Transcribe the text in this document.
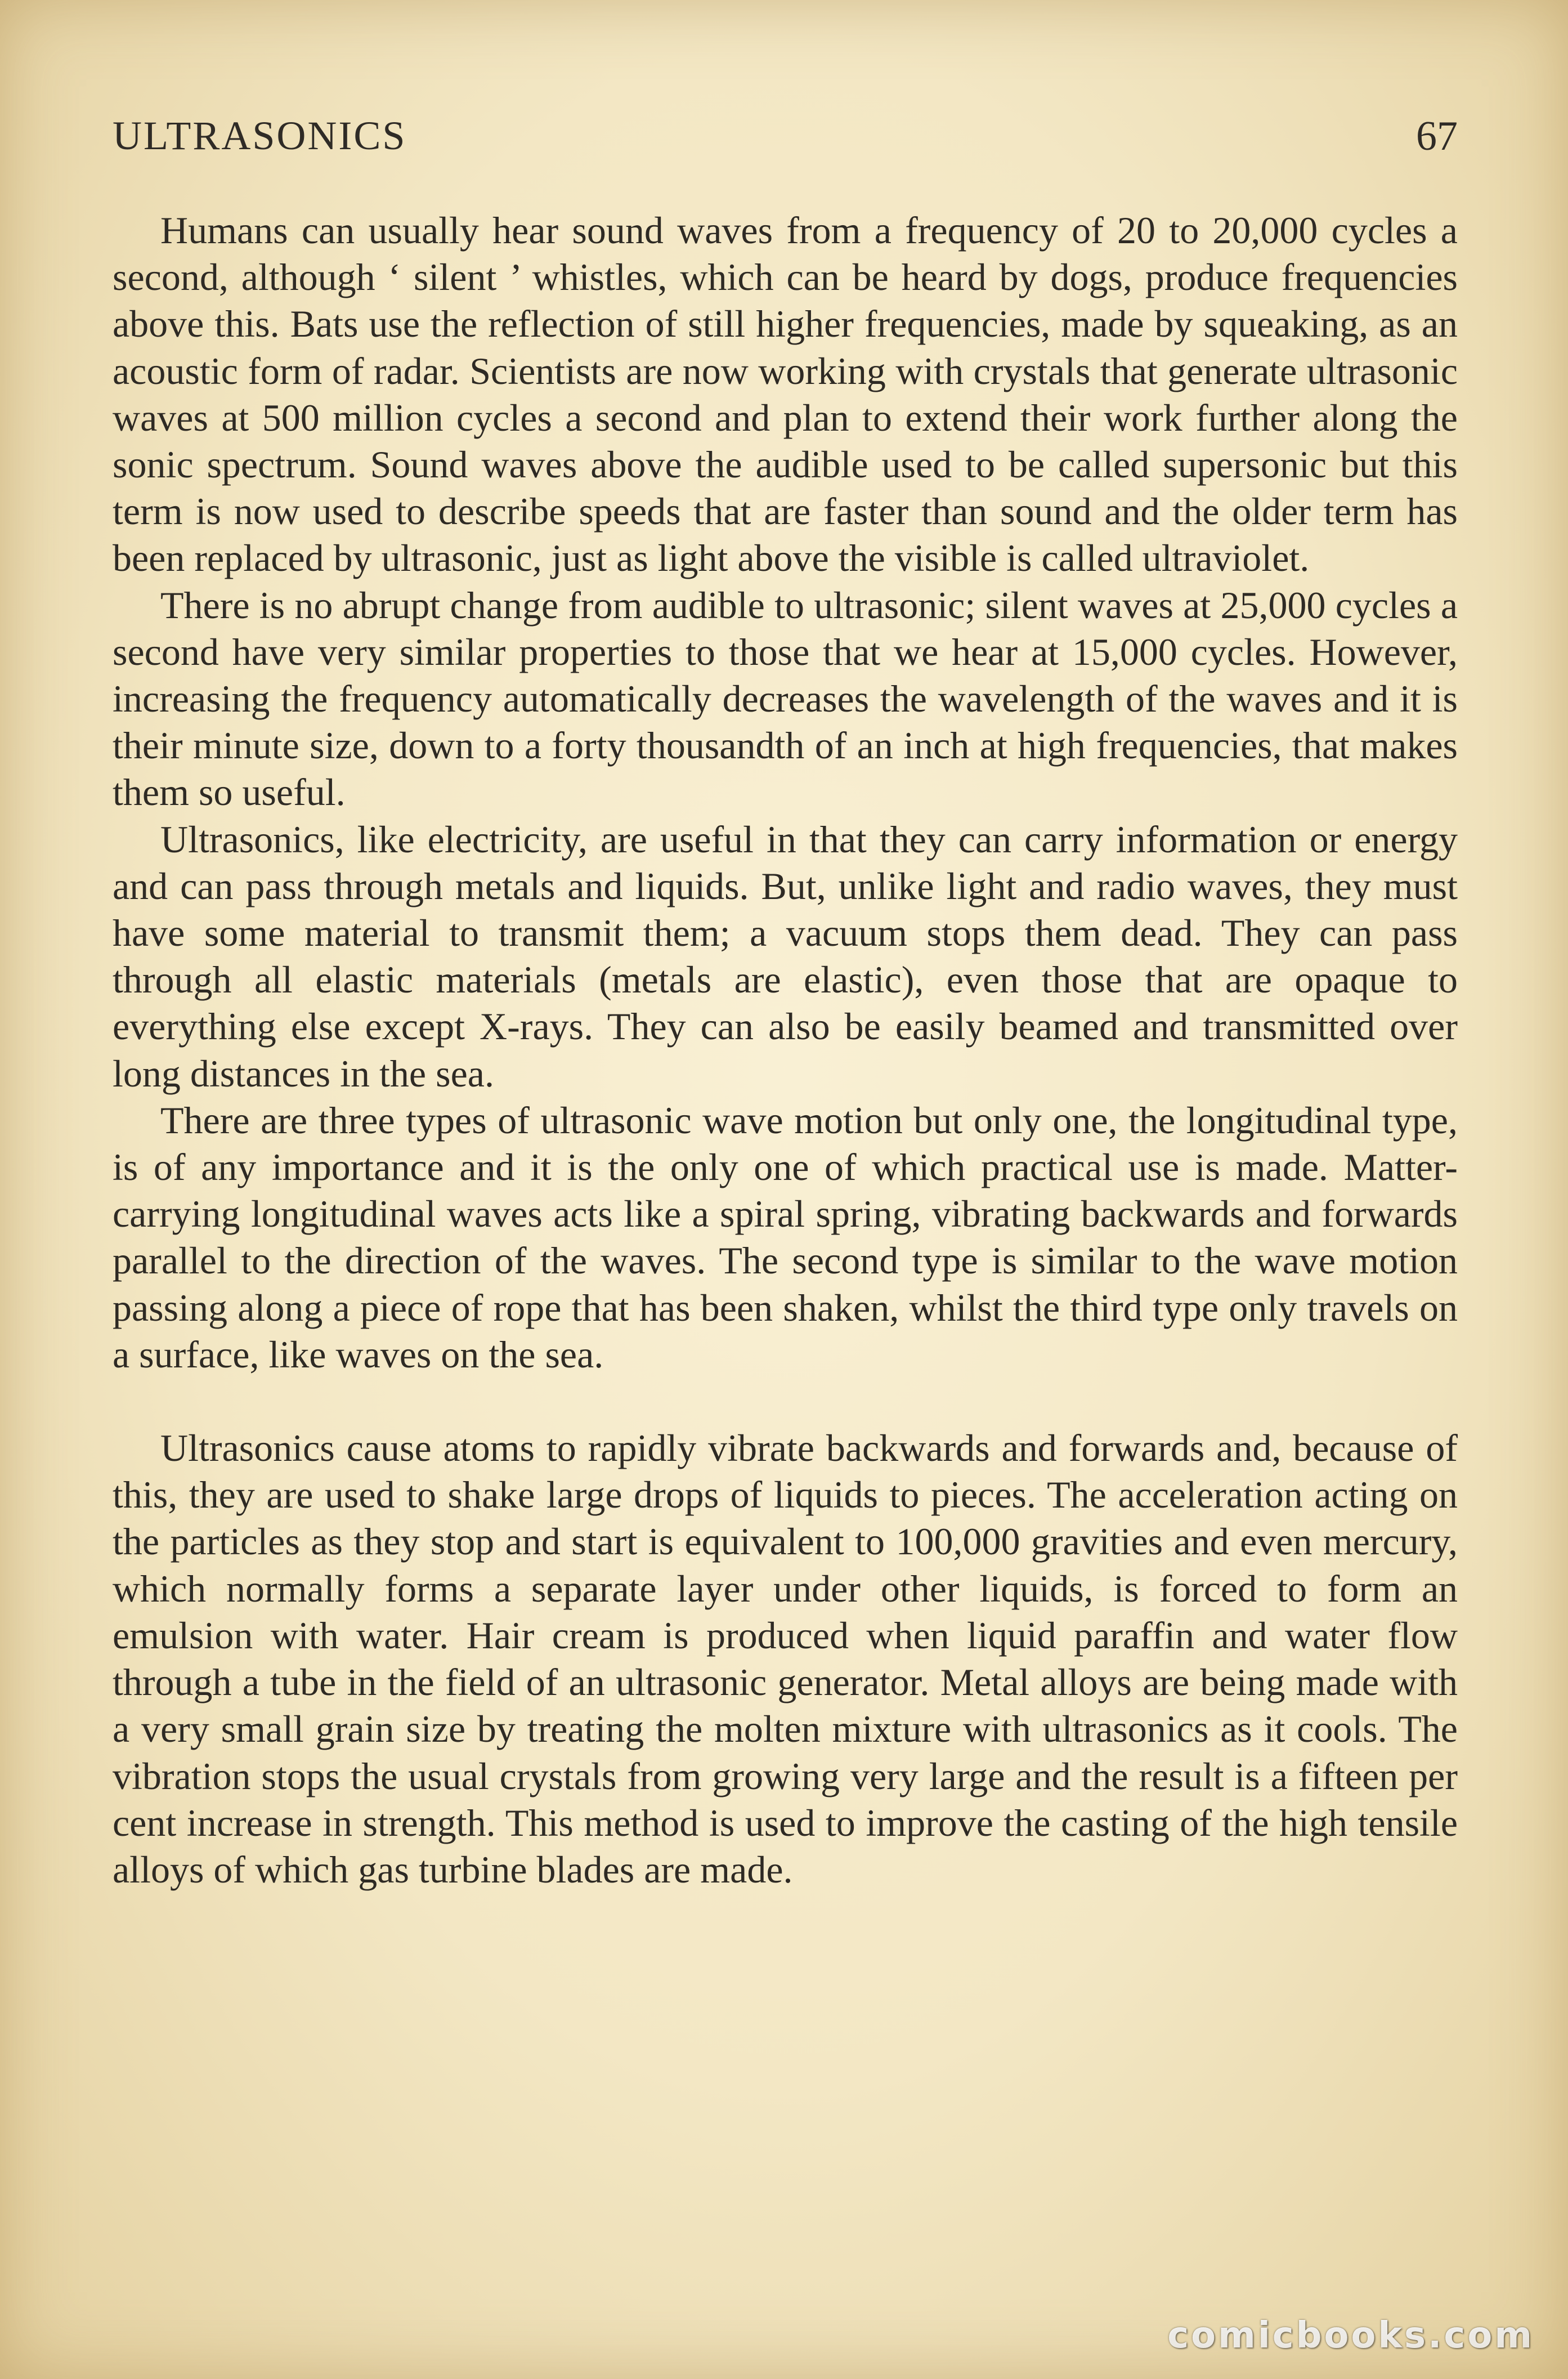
ULTRASONICS	67

Humans can usually hear sound waves from a frequency of 20 to 20,000 cycles a second, although ‘ silent ’ whistles, which can be heard by dogs, produce frequencies above this. Bats use the reflection of still higher frequencies, made by squeaking, as an acoustic form of radar. Scientists are now working with crystals that generate ultrasonic waves at 500 million cycles a second and plan to extend their work further along the sonic spectrum. Sound waves above the audible used to be called supersonic but this term is now used to describe speeds that are faster than sound and the older term has been replaced by ultrasonic, just as light above the visible is called ultraviolet.

There is no abrupt change from audible to ultrasonic; silent waves at 25,000 cycles a second have very similar properties to those that we hear at 15,000 cycles. However, increasing the frequency automatically decreases the wavelength of the waves and it is their minute size, down to a forty thousandth of an inch at high frequencies, that makes them so useful.

Ultrasonics, like electricity, are useful in that they can carry information or energy and can pass through metals and liquids. But, unlike light and radio waves, they must have some material to transmit them; a vacuum stops them dead. They can pass through all elastic materials (metals are elastic), even those that are opaque to everything else except X-rays. They can also be easily beamed and transmitted over long distances in the sea.

There are three types of ultrasonic wave motion but only one, the longitudinal type, is of any importance and it is the only one of which practical use is made. Matter-carrying longitudinal waves acts like a spiral spring, vibrating backwards and forwards parallel to the direction of the waves. The second type is similar to the wave motion passing along a piece of rope that has been shaken, whilst the third type only travels on a surface, like waves on the sea.

Ultrasonics cause atoms to rapidly vibrate backwards and forwards and, because of this, they are used to shake large drops of liquids to pieces. The acceleration acting on the particles as they stop and start is equivalent to 100,000 gravities and even mercury, which normally forms a separate layer under other liquids, is forced to form an emulsion with water. Hair cream is produced when liquid paraffin and water flow through a tube in the field of an ultrasonic generator. Metal alloys are being made with a very small grain size by treating the molten mixture with ultrasonics as it cools. The vibration stops the usual crystals from growing very large and the result is a fifteen per cent increase in strength. This method is used to improve the casting of the high tensile alloys of which gas turbine blades are made.

comicbooks.com
